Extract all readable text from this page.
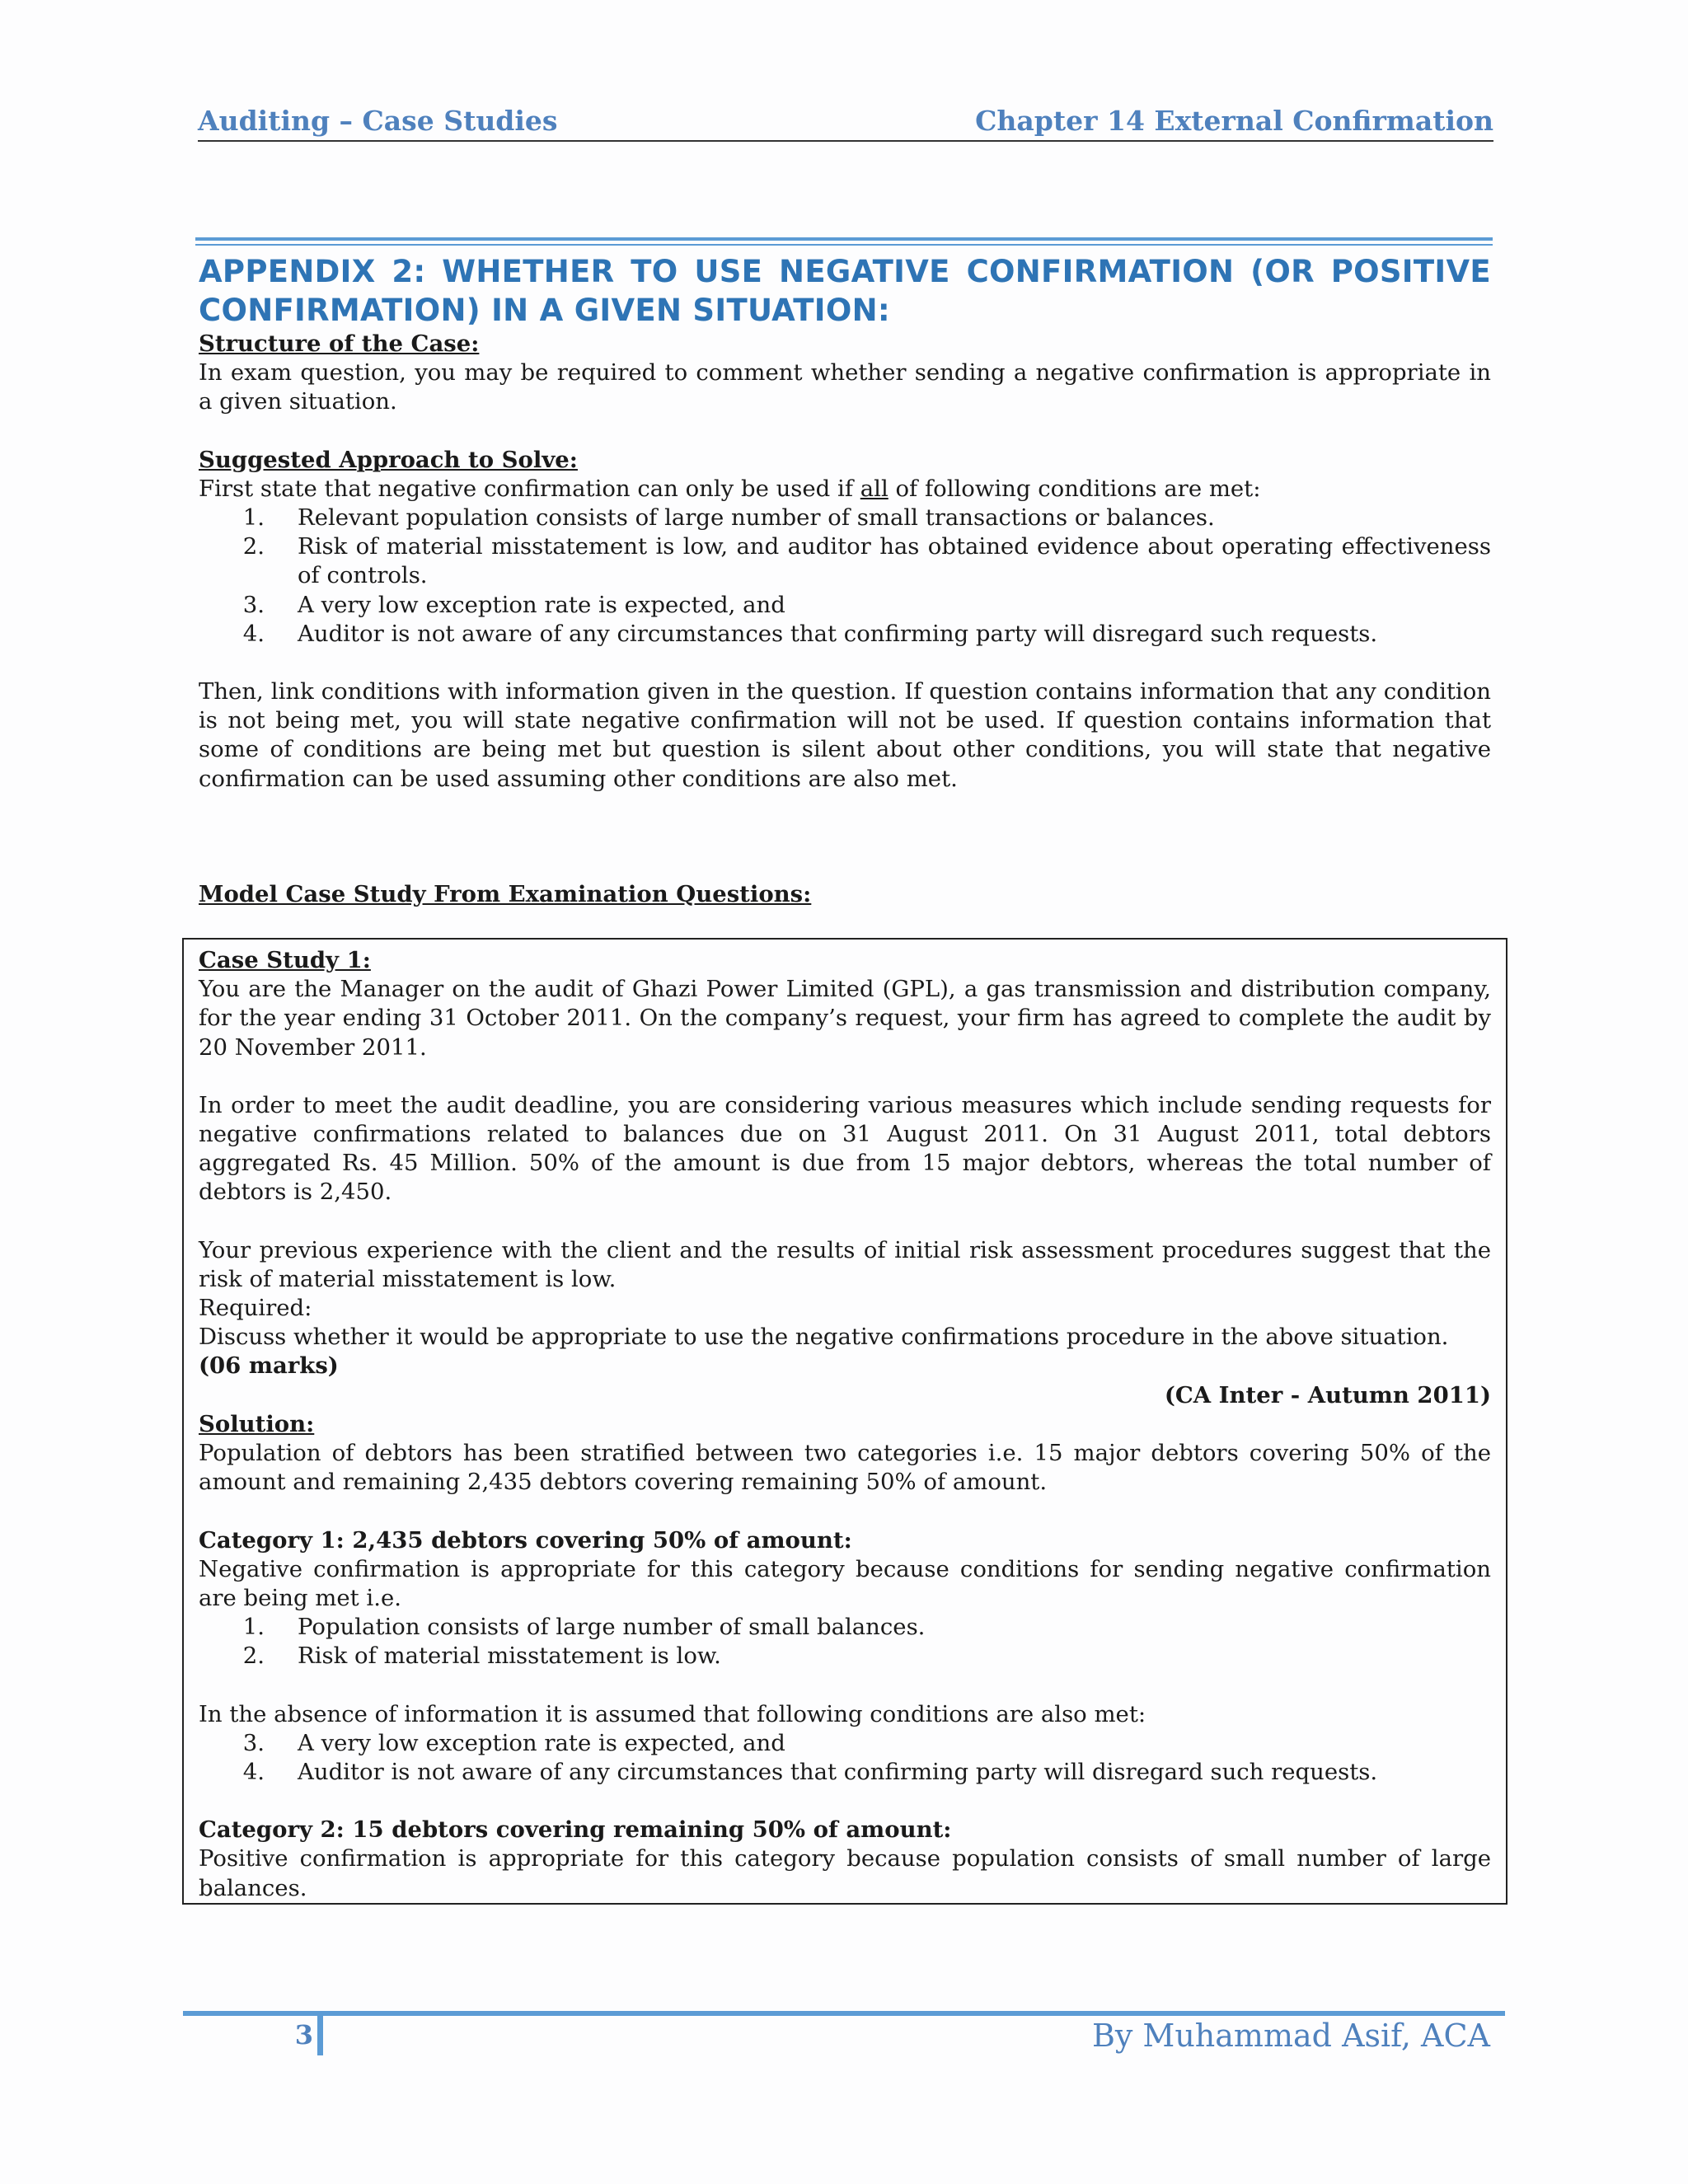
Auditing – Case Studies	Chapter 14 External Confirmation
APPENDIX 2: WHETHER TO USE NEGATIVE CONFIRMATION (OR POSITIVE CONFIRMATION) IN A GIVEN SITUATION:
Structure of the Case:

In exam question, you may be required to comment whether sending a negative confirmation is appropriate in a given situation.

Suggested Approach to Solve:

First state that negative confirmation can only be used if all of following conditions are met:

1.	Relevant population consists of large number of small transactions or balances.
2.	Risk of material misstatement is low, and auditor has obtained evidence about operating effectiveness of controls.
3.	A very low exception rate is expected, and
4.	Auditor is not aware of any circumstances that confirming party will disregard such requests.

Then, link conditions with information given in the question. If question contains information that any condition is not being met, you will state negative confirmation will not be used. If question contains information that some of conditions are being met but question is silent about other conditions, you will state that negative confirmation can be used assuming other conditions are also met.

Model Case Study From Examination Questions:
Case Study 1:

You are the Manager on the audit of Ghazi Power Limited (GPL), a gas transmission and distribution company, for the year ending 31 October 2011. On the company’s request, your firm has agreed to complete the audit by 20 November 2011.

In order to meet the audit deadline, you are considering various measures which include sending requests for negative confirmations related to balances due on 31 August 2011. On 31 August 2011, total debtors aggregated Rs. 45 Million. 50% of the amount is due from 15 major debtors, whereas the total number of debtors is 2,450.

Your previous experience with the client and the results of initial risk assessment procedures suggest that the risk of material misstatement is low.

Required:
Discuss whether it would be appropriate to use the negative confirmations procedure in the above situation. (06 marks)
(CA Inter - Autumn 2011)
Solution:

Population of debtors has been stratified between two categories i.e. 15 major debtors covering 50% of the amount and remaining 2,435 debtors covering remaining 50% of amount.

Category 1: 2,435 debtors covering 50% of amount:

Negative confirmation is appropriate for this category because conditions for sending negative confirmation are being met i.e.

1.	Population consists of large number of small balances.
2.	Risk of material misstatement is low.

In the absence of information it is assumed that following conditions are also met:

3.	A very low exception rate is expected, and
4.	Auditor is not aware of any circumstances that confirming party will disregard such requests.
Category 2: 15 debtors covering remaining 50% of amount:

Positive confirmation is appropriate for this category because population consists of small number of large balances.

3	By Muhammad Asif, ACA
